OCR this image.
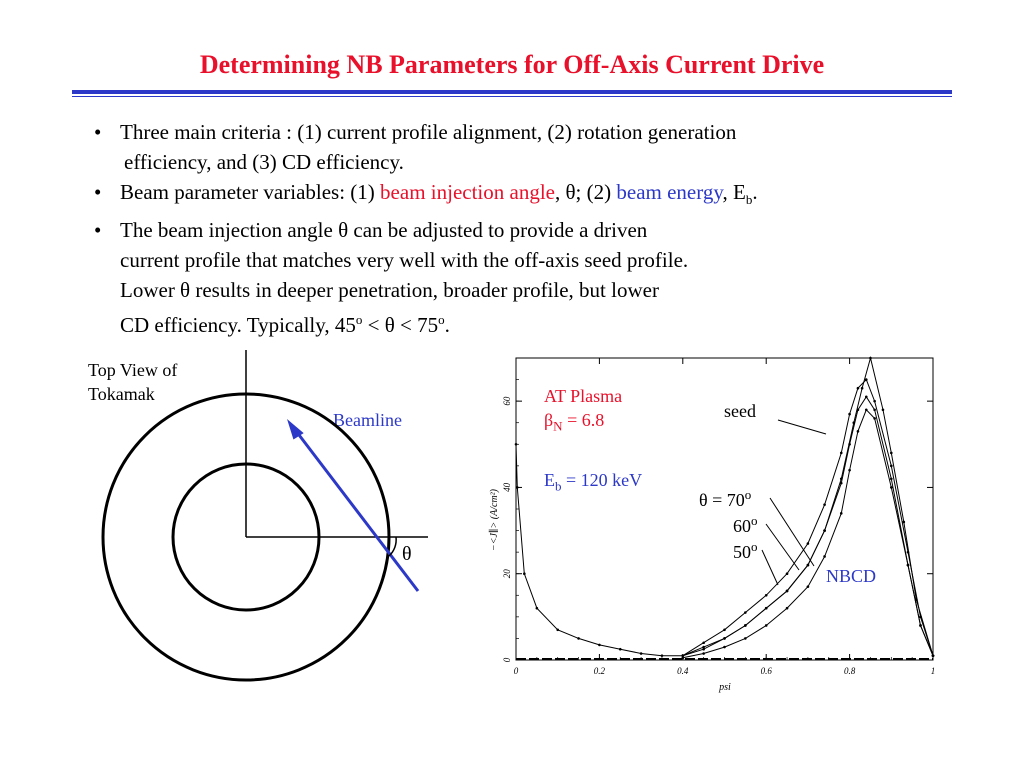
Determining NB Parameters for Off-Axis Current Drive
• Three main criteria : (1) current profile alignment, (2) rotation generation
efficiency, and (3) CD efficiency.
• Beam parameter variables: (1) beam injection angle, θ; (2) beam energy, $E_b$.
• The beam injection angle θ can be adjusted to provide a driven
current profile that matches very well with the off-axis seed profile.
Lower θ results in deeper penetration, broader profile, but lower
CD efficiency. Typically, $45^o < \theta < 75^o$.
Top View of
Tokamak
Beamline
θ
0	0.2	0.4	0.6	0.8	1
0
20
40
60
−<J∥> (A/cm²)
psi
AT Plasma
$\beta_N = 6.8$
$E_b = 120$ keV
seed
$\theta = 70^o$
60$^o$
50$^o$
NBCD
